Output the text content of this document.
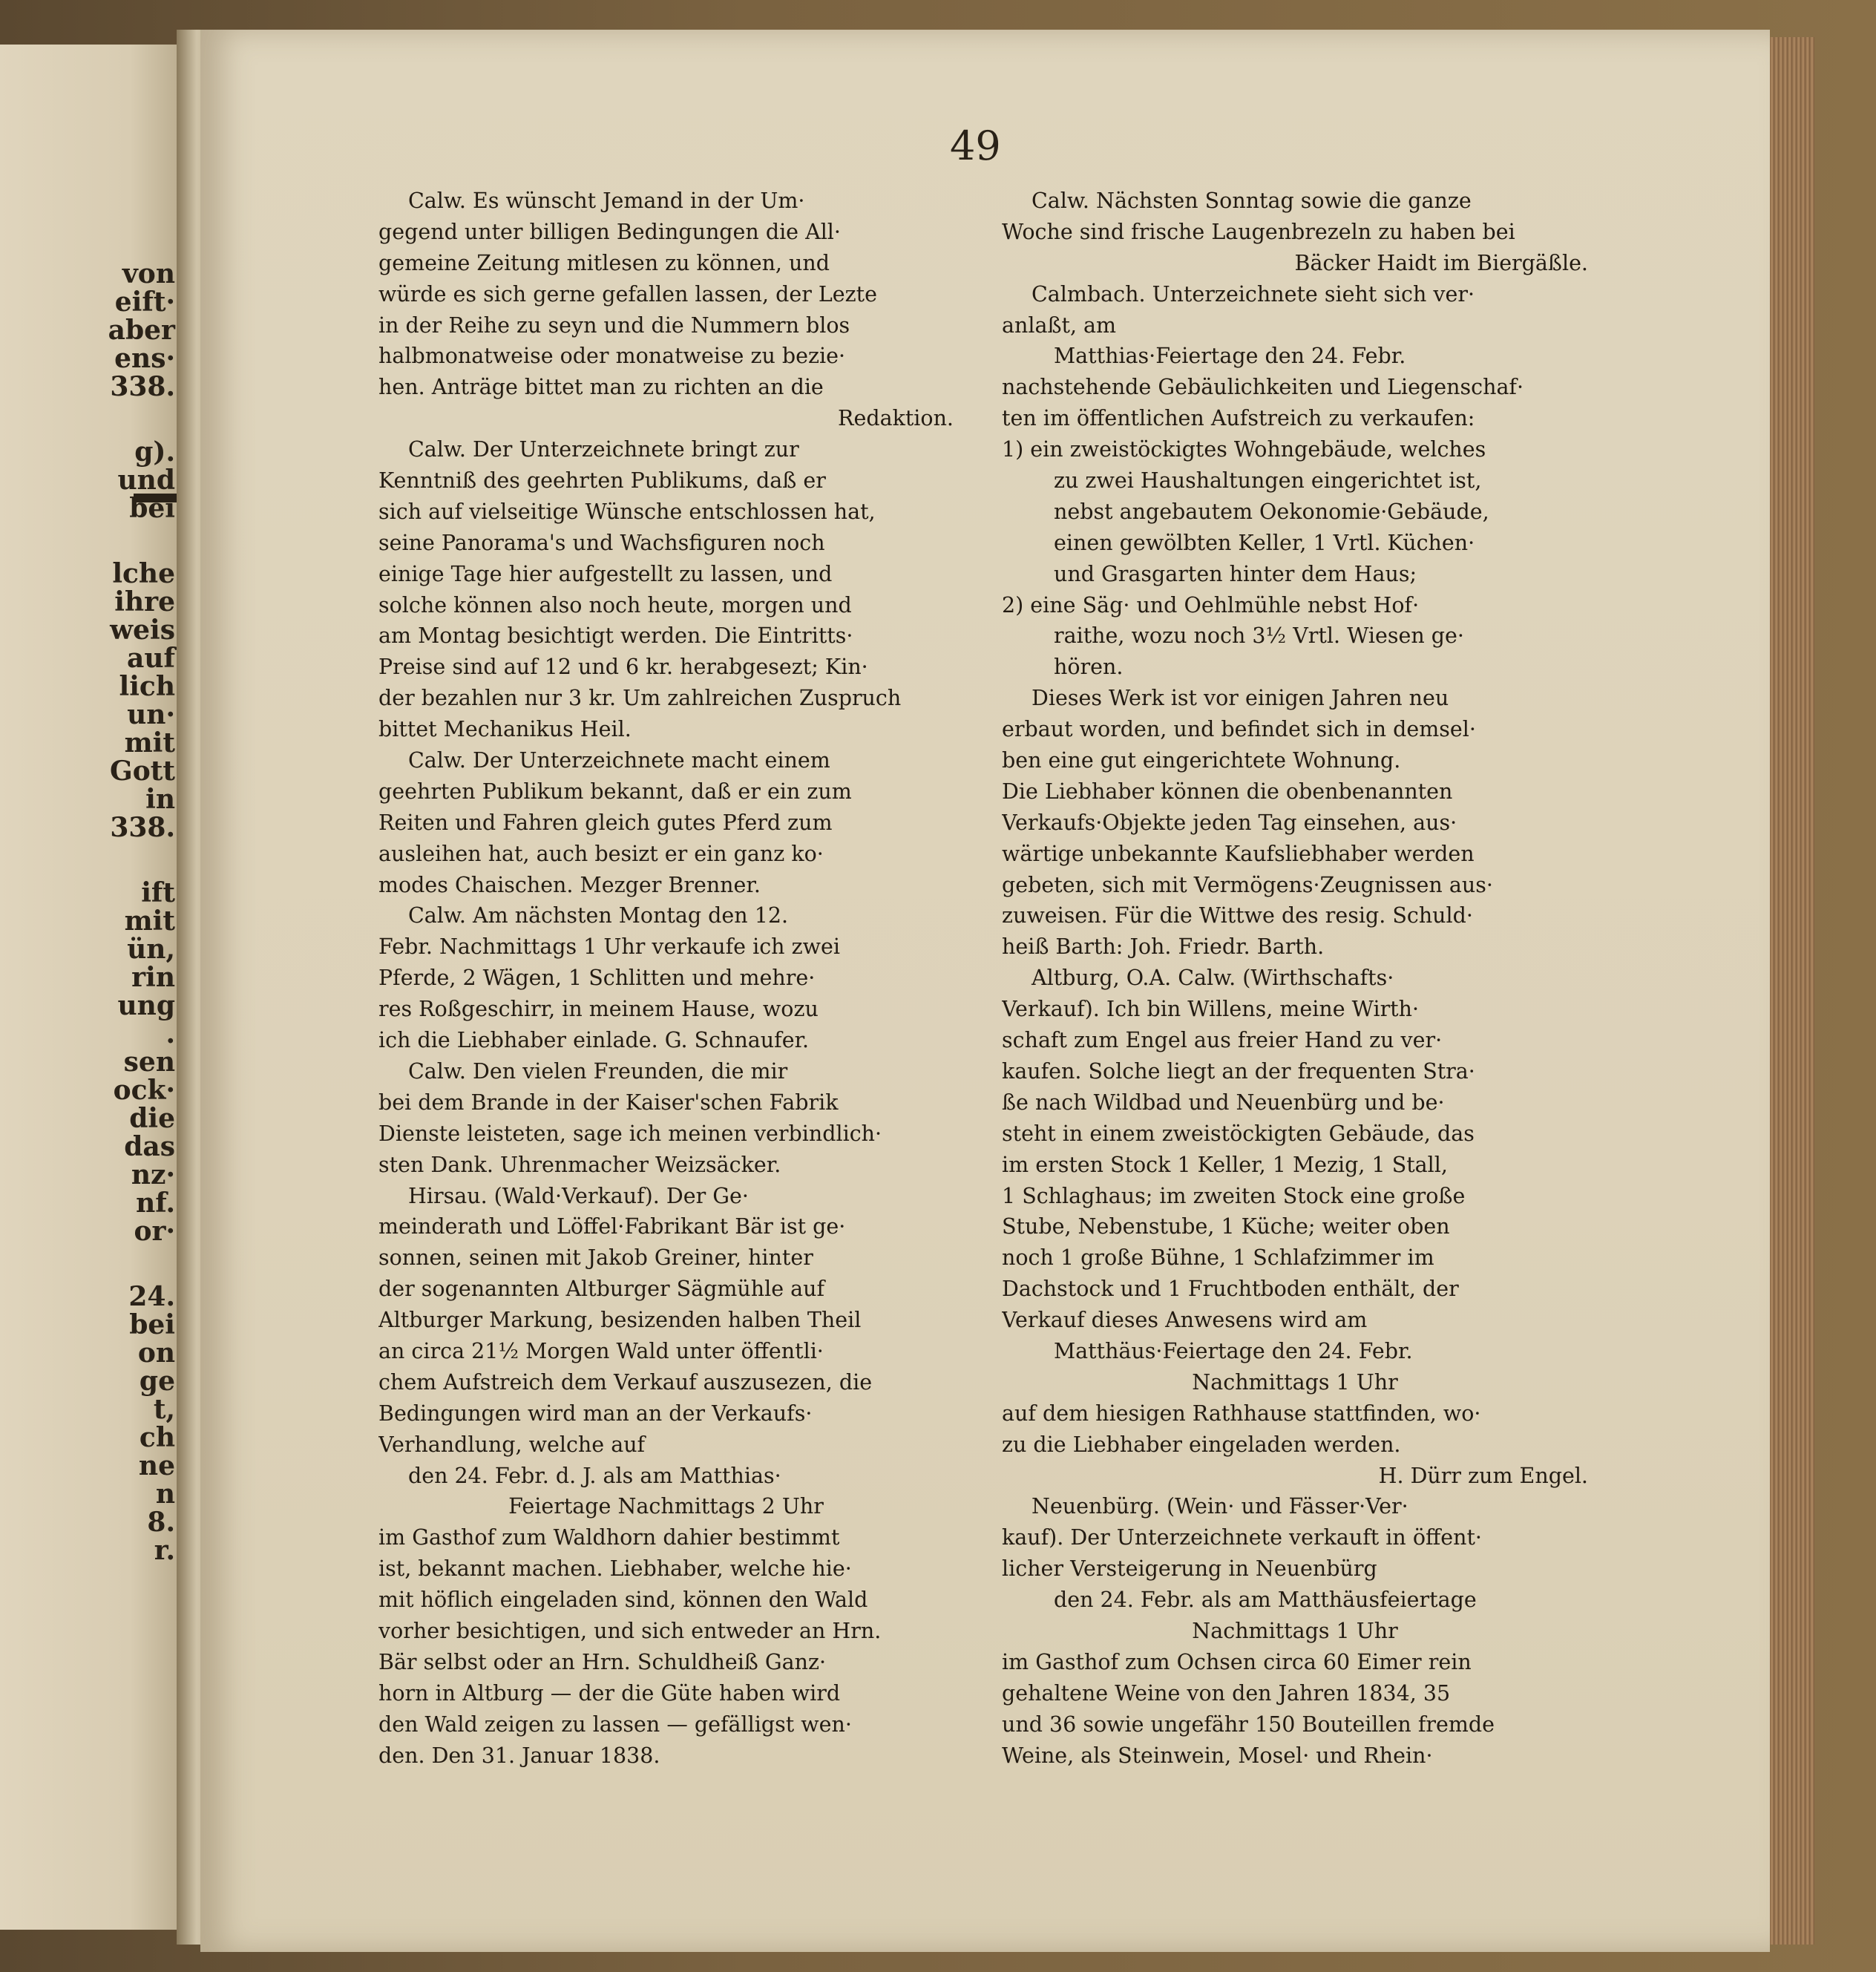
von
eift·
aber
ens·
338.
g).
und
bei
lche
ihre
weis
auf
lich
un·
mit
Gott
in
338.
ift
mit
ün,
rin
ung
.
sen
ock·
die
das
nz·
nf.
or·
24.
bei
on
ge
t,
ch
ne
n
8.
r.
49
Calw. Es wünscht Jemand in der Um·
gegend unter billigen Bedingungen die All·
gemeine Zeitung mitlesen zu können, und
würde es sich gerne gefallen lassen, der Lezte
in der Reihe zu seyn und die Nummern blos
halbmonatweise oder monatweise zu bezie·
hen. Anträge bittet man zu richten an die
Redaktion.
Calw. Der Unterzeichnete bringt zur
Kenntniß des geehrten Publikums, daß er
sich auf vielseitige Wünsche entschlossen hat,
seine Panorama's und Wachsfiguren noch
einige Tage hier aufgestellt zu lassen, und
solche können also noch heute, morgen und
am Montag besichtigt werden. Die Eintritts·
Preise sind auf 12 und 6 kr. herabgesezt; Kin·
der bezahlen nur 3 kr. Um zahlreichen Zuspruch
bittet Mechanikus Heil.
Calw. Der Unterzeichnete macht einem
geehrten Publikum bekannt, daß er ein zum
Reiten und Fahren gleich gutes Pferd zum
ausleihen hat, auch besizt er ein ganz ko·
modes Chaischen. Mezger Brenner.
Calw. Am nächsten Montag den 12.
Febr. Nachmittags 1 Uhr verkaufe ich zwei
Pferde, 2 Wägen, 1 Schlitten und mehre·
res Roßgeschirr, in meinem Hause, wozu
ich die Liebhaber einlade. G. Schnaufer.
Calw. Den vielen Freunden, die mir
bei dem Brande in der Kaiser'schen Fabrik
Dienste leisteten, sage ich meinen verbindlich·
sten Dank. Uhrenmacher Weizsäcker.
Hirsau. (Wald·Verkauf). Der Ge·
meinderath und Löffel·Fabrikant Bär ist ge·
sonnen, seinen mit Jakob Greiner, hinter
der sogenannten Altburger Sägmühle auf
Altburger Markung, besizenden halben Theil
an circa 21½ Morgen Wald unter öffentli·
chem Aufstreich dem Verkauf auszusezen, die
Bedingungen wird man an der Verkaufs·
Verhandlung, welche auf
den 24. Febr. d. J. als am Matthias·
Feiertage Nachmittags 2 Uhr
im Gasthof zum Waldhorn dahier bestimmt
ist, bekannt machen. Liebhaber, welche hie·
mit höflich eingeladen sind, können den Wald
vorher besichtigen, und sich entweder an Hrn.
Bär selbst oder an Hrn. Schuldheiß Ganz·
horn in Altburg — der die Güte haben wird
den Wald zeigen zu lassen — gefälligst wen·
den. Den 31. Januar 1838.
Calw. Nächsten Sonntag sowie die ganze
Woche sind frische Laugenbrezeln zu haben bei
Bäcker Haidt im Biergäßle.
Calmbach. Unterzeichnete sieht sich ver·
anlaßt, am
Matthias·Feiertage den 24. Febr.
nachstehende Gebäulichkeiten und Liegenschaf·
ten im öffentlichen Aufstreich zu verkaufen:
1) ein zweistöckigtes Wohngebäude, welches
zu zwei Haushaltungen eingerichtet ist,
nebst angebautem Oekonomie·Gebäude,
einen gewölbten Keller, 1 Vrtl. Küchen·
und Grasgarten hinter dem Haus;
2) eine Säg· und Oehlmühle nebst Hof·
raithe, wozu noch 3½ Vrtl. Wiesen ge·
hören.
Dieses Werk ist vor einigen Jahren neu
erbaut worden, und befindet sich in demsel·
ben eine gut eingerichtete Wohnung.
Die Liebhaber können die obenbenannten
Verkaufs·Objekte jeden Tag einsehen, aus·
wärtige unbekannte Kaufsliebhaber werden
gebeten, sich mit Vermögens·Zeugnissen aus·
zuweisen. Für die Wittwe des resig. Schuld·
heiß Barth: Joh. Friedr. Barth.
Altburg, O.A. Calw. (Wirthschafts·
Verkauf). Ich bin Willens, meine Wirth·
schaft zum Engel aus freier Hand zu ver·
kaufen. Solche liegt an der frequenten Stra·
ße nach Wildbad und Neuenbürg und be·
steht in einem zweistöckigten Gebäude, das
im ersten Stock 1 Keller, 1 Mezig, 1 Stall,
1 Schlaghaus; im zweiten Stock eine große
Stube, Nebenstube, 1 Küche; weiter oben
noch 1 große Bühne, 1 Schlafzimmer im
Dachstock und 1 Fruchtboden enthält, der
Verkauf dieses Anwesens wird am
Matthäus·Feiertage den 24. Febr.
Nachmittags 1 Uhr
auf dem hiesigen Rathhause stattfinden, wo·
zu die Liebhaber eingeladen werden.
H. Dürr zum Engel.
Neuenbürg. (Wein· und Fässer·Ver·
kauf). Der Unterzeichnete verkauft in öffent·
licher Versteigerung in Neuenbürg
den 24. Febr. als am Matthäusfeiertage
Nachmittags 1 Uhr
im Gasthof zum Ochsen circa 60 Eimer rein
gehaltene Weine von den Jahren 1834, 35
und 36 sowie ungefähr 150 Bouteillen fremde
Weine, als Steinwein, Mosel· und Rhein·
